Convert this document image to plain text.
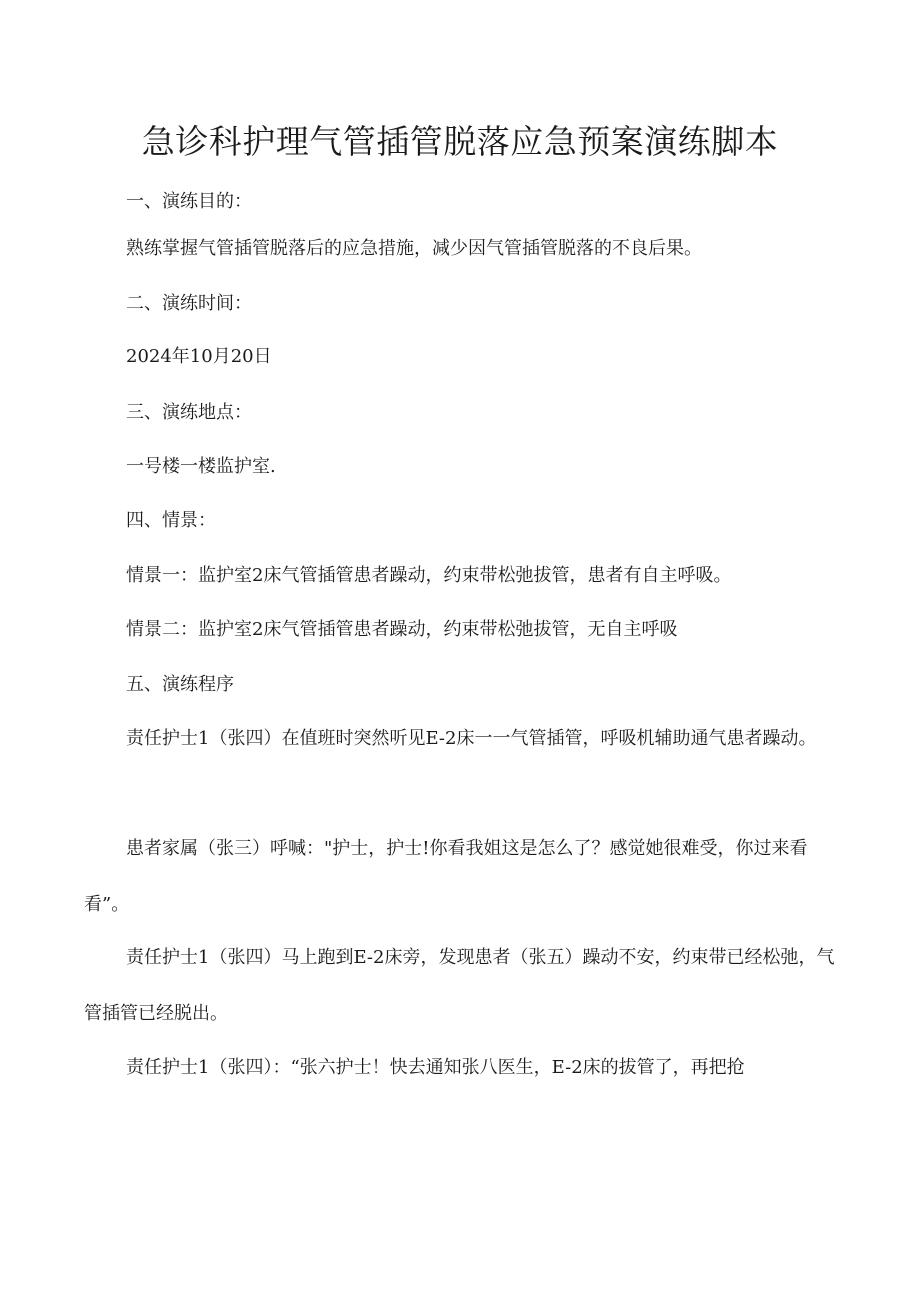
急诊科护理气管插管脱落应急预案演练脚本

一、演练目的：

熟练掌握气管插管脱落后的应急措施，减少因气管插管脱落的不良后果。

二、演练时间：

2024年10月20日

三、演练地点：

一号楼一楼监护室.

四、情景：

情景一：监护室2床气管插管患者躁动，约束带松弛拔管，患者有自主呼吸。

情景二：监护室2床气管插管患者躁动，约束带松弛拔管，无自主呼吸

五、演练程序

责任护士1（张四）在值班时突然听见E-2床一一气管插管，呼吸机辅助通气患者躁动。

患者家属（张三）呼喊："护士，护士!你看我姐这是怎么了？感觉她很难受，你过来看看”。

责任护士1（张四）马上跑到E-2床旁，发现患者（张五）躁动不安，约束带已经松弛，气管插管已经脱出。

责任护士1（张四）：“张六护士！快去通知张八医生，E-2床的拔管了，再把抢
